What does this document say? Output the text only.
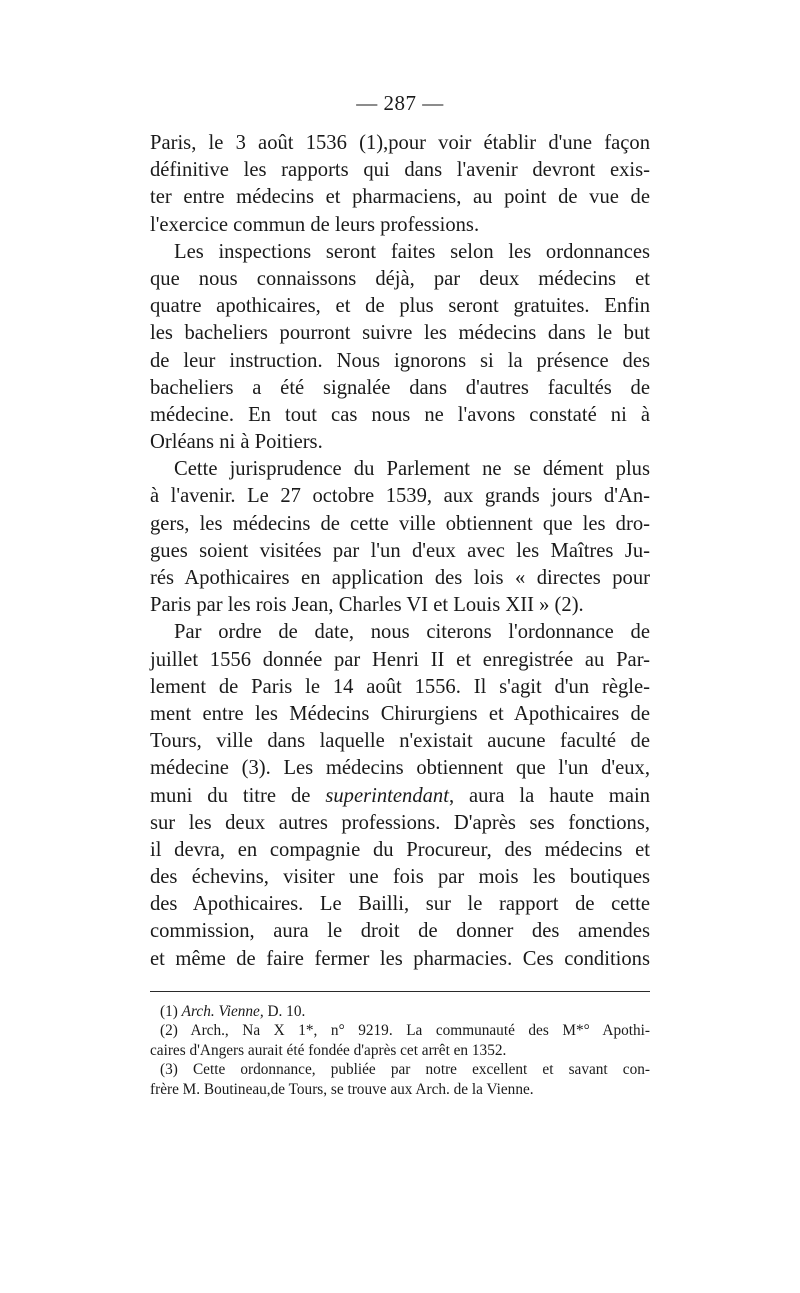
— 287 —

Paris, le 3 août 1536 (1),pour voir établir d'une façon
définitive les rapports qui dans l'avenir devront exis-
ter entre médecins et pharmaciens, au point de vue de
l'exercice commun de leurs professions.

Les inspections seront faites selon les ordonnances
que nous connaissons déjà, par deux médecins et
quatre apothicaires, et de plus seront gratuites. Enfin
les bacheliers pourront suivre les médecins dans le but
de leur instruction. Nous ignorons si la présence des
bacheliers a été signalée dans d'autres facultés de
médecine. En tout cas nous ne l'avons constaté ni à
Orléans ni à Poitiers.

Cette jurisprudence du Parlement ne se dément plus
à l'avenir. Le 27 octobre 1539, aux grands jours d'An-
gers, les médecins de cette ville obtiennent que les dro-
gues soient visitées par l'un d'eux avec les Maîtres Ju-
rés Apothicaires en application des lois « directes pour
Paris par les rois Jean, Charles VI et Louis XII » (2).

Par ordre de date, nous citerons l'ordonnance de
juillet 1556 donnée par Henri II et enregistrée au Par-
lement de Paris le 14 août 1556. Il s'agit d'un règle-
ment entre les Médecins Chirurgiens et Apothicaires de
Tours, ville dans laquelle n'existait aucune faculté de
médecine (3). Les médecins obtiennent que l'un d'eux,
muni du titre de superintendant, aura la haute main
sur les deux autres professions. D'après ses fonctions,
il devra, en compagnie du Procureur, des médecins et
des échevins, visiter une fois par mois les boutiques
des Apothicaires. Le Bailli, sur le rapport de cette
commission, aura le droit de donner des amendes
et même de faire fermer les pharmacies. Ces conditions

(1) Arch. Vienne, D. 10.
(2) Arch., Na X 1*, n° 9219. La communauté des M*° Apothi-
caires d'Angers aurait été fondée d'après cet arrêt en 1352.
(3) Cette ordonnance, publiée par notre excellent et savant con-
frère M. Boutineau,de Tours, se trouve aux Arch. de la Vienne.
